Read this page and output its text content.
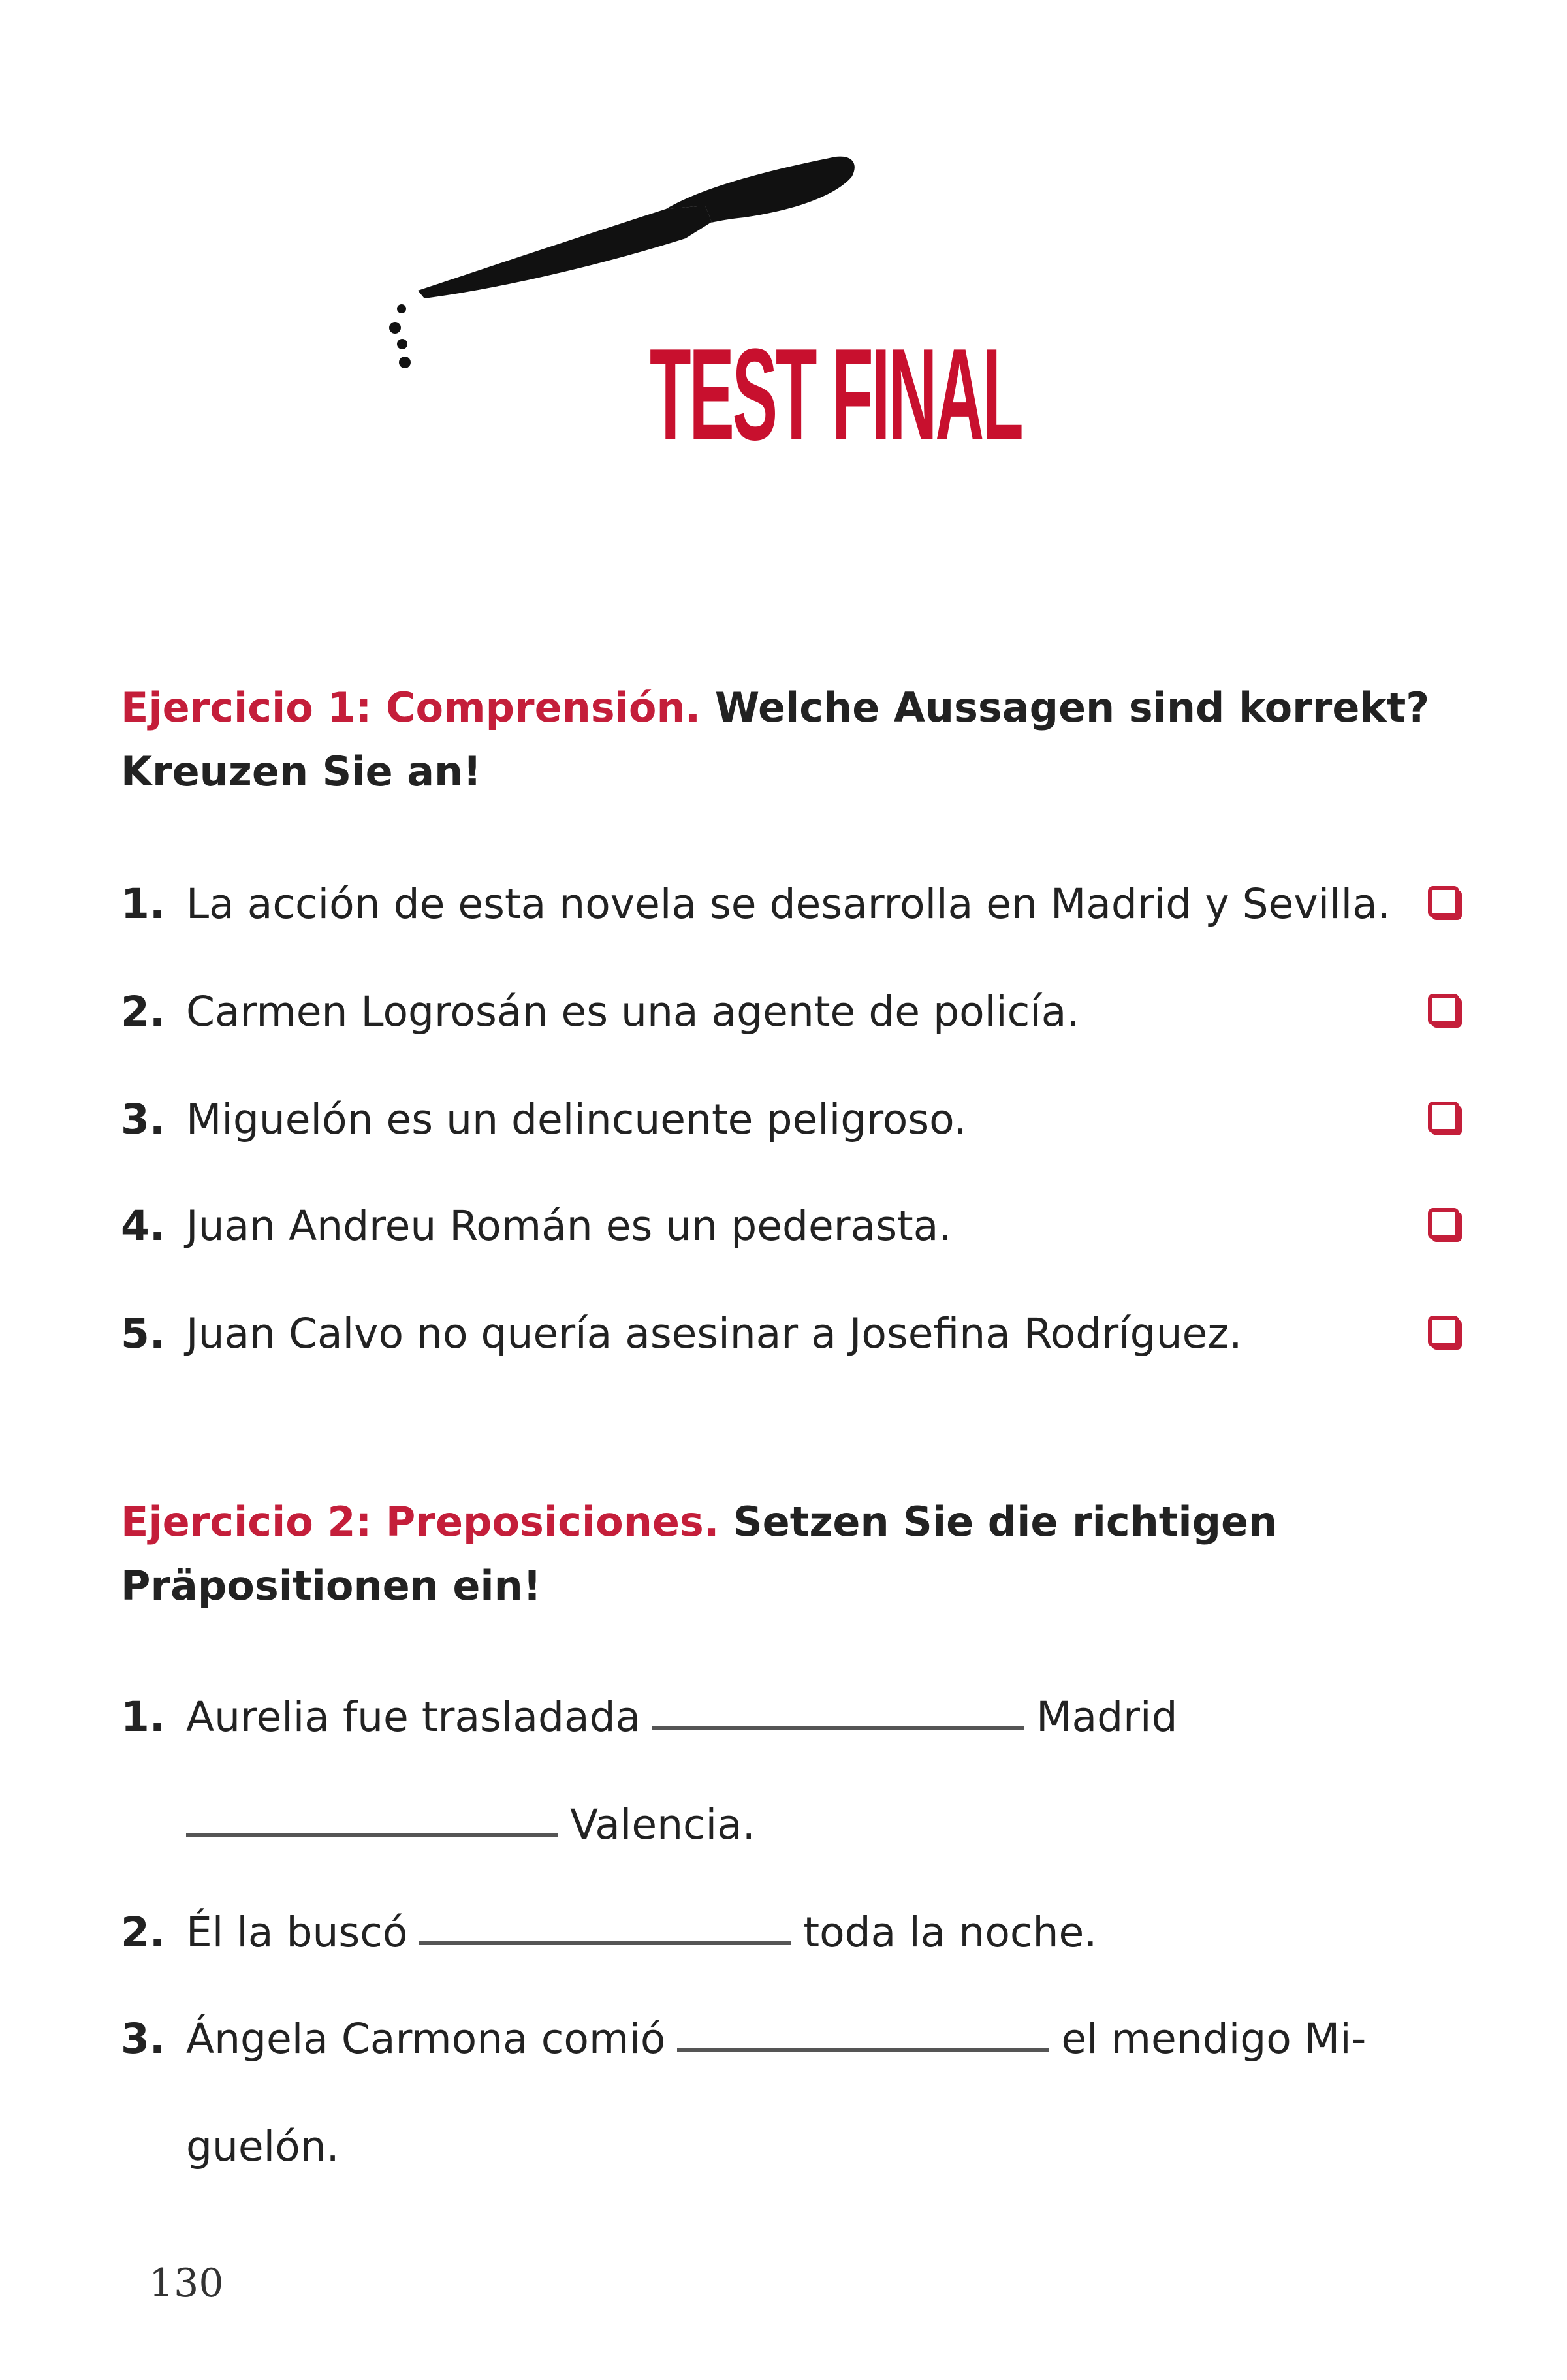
TEST FINAL
Ejercicio 1: Comprensión. Welche Aussagen sind korrekt? Kreuzen Sie an!
1. La acción de esta novela se desarrolla en Madrid y Sevilla.
2. Carmen Logrosán es una agente de policía.
3. Miguelón es un delincuente peligroso.
4. Juan Andreu Román es un pederasta.
5. Juan Calvo no quería asesinar a Josefina Rodríguez.
Ejercicio 2: Preposiciones. Setzen Sie die richtigen Präpositionen ein!
1. Aurelia fue trasladada	Madrid
Valencia.
2. Él la buscó	toda la noche.
3. Ángela Carmona comió	el mendigo Mi-
guelón.
130
